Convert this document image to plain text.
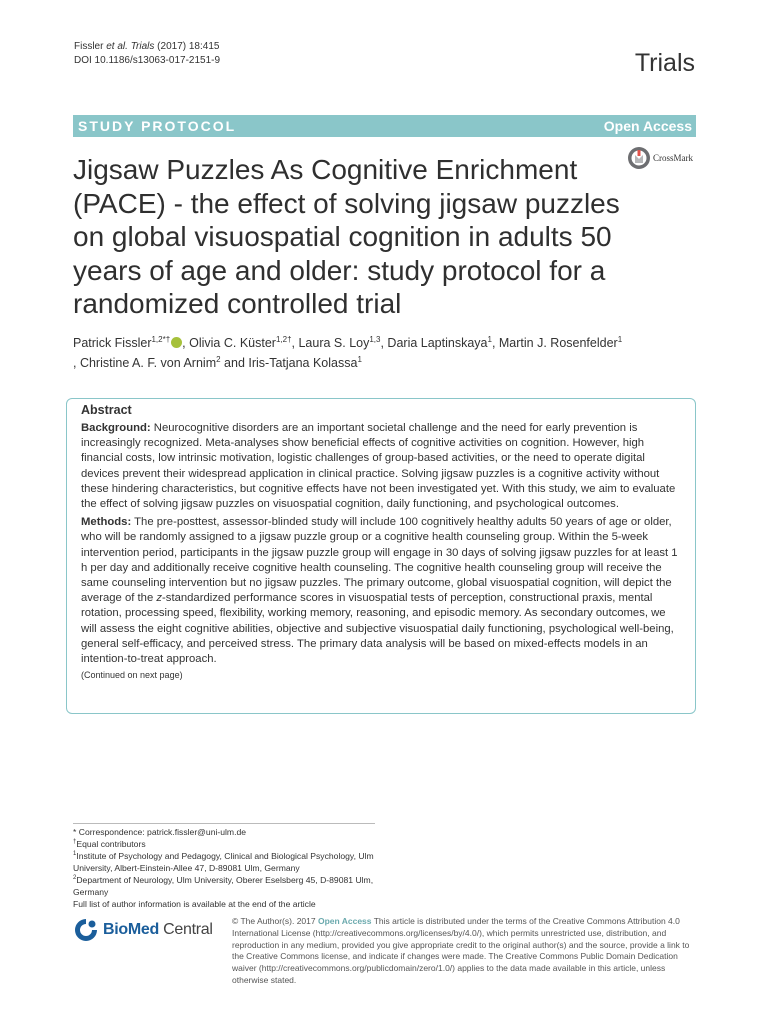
Fissler et al. Trials (2017) 18:415
DOI 10.1186/s13063-017-2151-9	Trials
STUDY PROTOCOL	Open Access
Jigsaw Puzzles As Cognitive Enrichment (PACE) - the effect of solving jigsaw puzzles on global visuospatial cognition in adults 50 years of age and older: study protocol for a randomized controlled trial
CrossMark
Patrick Fissler$^{1,2*\dagger}$ , Olivia C. Küster$^{1,2\dagger}$, Laura S. Loy$^{1,3}$, Daria Laptinskaya$^1$, Martin J. Rosenfelder$^1$
, Christine A. F. von Arnim$^2$ and Iris-Tatjana Kolassa$^1$
Abstract

Background: Neurocognitive disorders are an important societal challenge and the need for early prevention is increasingly recognized. Meta-analyses show beneficial effects of cognitive activities on cognition. However, high financial costs, low intrinsic motivation, logistic challenges of group-based activities, or the need to operate digital devices prevent their widespread application in clinical practice. Solving jigsaw puzzles is a cognitive activity without these hindering characteristics, but cognitive effects have not been investigated yet. With this study, we aim to evaluate the effect of solving jigsaw puzzles on visuospatial cognition, daily functioning, and psychological outcomes.

Methods: The pre-posttest, assessor-blinded study will include 100 cognitively healthy adults 50 years of age or older, who will be randomly assigned to a jigsaw puzzle group or a cognitive health counseling group. Within the 5-week intervention period, participants in the jigsaw puzzle group will engage in 30 days of solving jigsaw puzzles for at least 1 h per day and additionally receive cognitive health counseling. The cognitive health counseling group will receive the same counseling intervention but no jigsaw puzzles. The primary outcome, global visuospatial cognition, will depict the average of the z-standardized performance scores in visuospatial tests of perception, constructional praxis, mental rotation, processing speed, flexibility, working memory, reasoning, and episodic memory. As secondary outcomes, we will assess the eight cognitive abilities, objective and subjective visuospatial daily functioning, psychological well-being, general self-efficacy, and perceived stress. The primary data analysis will be based on mixed-effects models in an intention-to-treat approach.

(Continued on next page)
* Correspondence: patrick.fissler@uni-ulm.de
†Equal contributors
$^1$Institute of Psychology and Pedagogy, Clinical and Biological Psychology, Ulm University, Albert-Einstein-Allee 47, D-89081 Ulm, Germany
$^2$Department of Neurology, Ulm University, Oberer Eselsberg 45, D-89081 Ulm, Germany
Full list of author information is available at the end of the article
BioMed Central © The Author(s). 2017 Open Access This article is distributed under the terms of the Creative Commons Attribution 4.0 International License (http://creativecommons.org/licenses/by/4.0/), which permits unrestricted use, distribution, and reproduction in any medium, provided you give appropriate credit to the original author(s) and the source, provide a link to the Creative Commons license, and indicate if changes were made. The Creative Commons Public Domain Dedication waiver (http://creativecommons.org/publicdomain/zero/1.0/) applies to the data made available in this article, unless otherwise stated.
